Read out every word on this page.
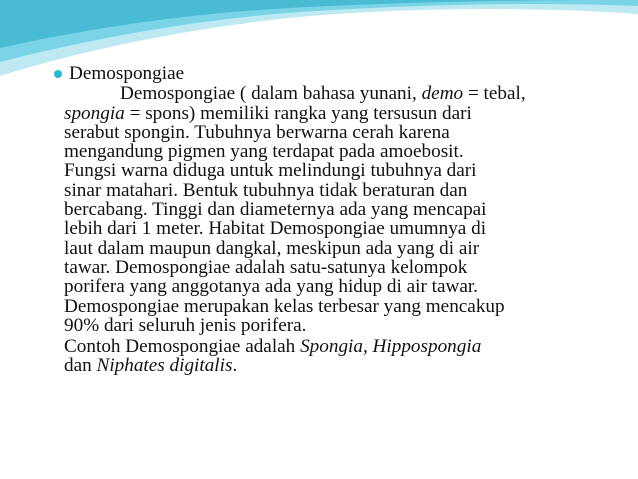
Demospongiae

Demospongiae ( dalam bahasa yunani, demo = tebal,

spongia = spons) memiliki rangka yang tersusun dari

serabut spongin. Tubuhnya berwarna cerah karena

mengandung pigmen yang terdapat pada amoebosit.

Fungsi warna diduga untuk melindungi tubuhnya dari

sinar matahari. Bentuk tubuhnya tidak beraturan dan

bercabang. Tinggi dan diameternya ada yang mencapai

lebih dari 1 meter. Habitat Demospongiae umumnya di

laut dalam maupun dangkal, meskipun ada yang di air

tawar. Demospongiae adalah satu-satunya kelompok

porifera yang anggotanya ada yang hidup di air tawar.

Demospongiae merupakan kelas terbesar yang mencakup

90% dari seluruh jenis porifera.

Contoh Demospongiae adalah Spongia, Hippospongia

dan Niphates digitalis.
